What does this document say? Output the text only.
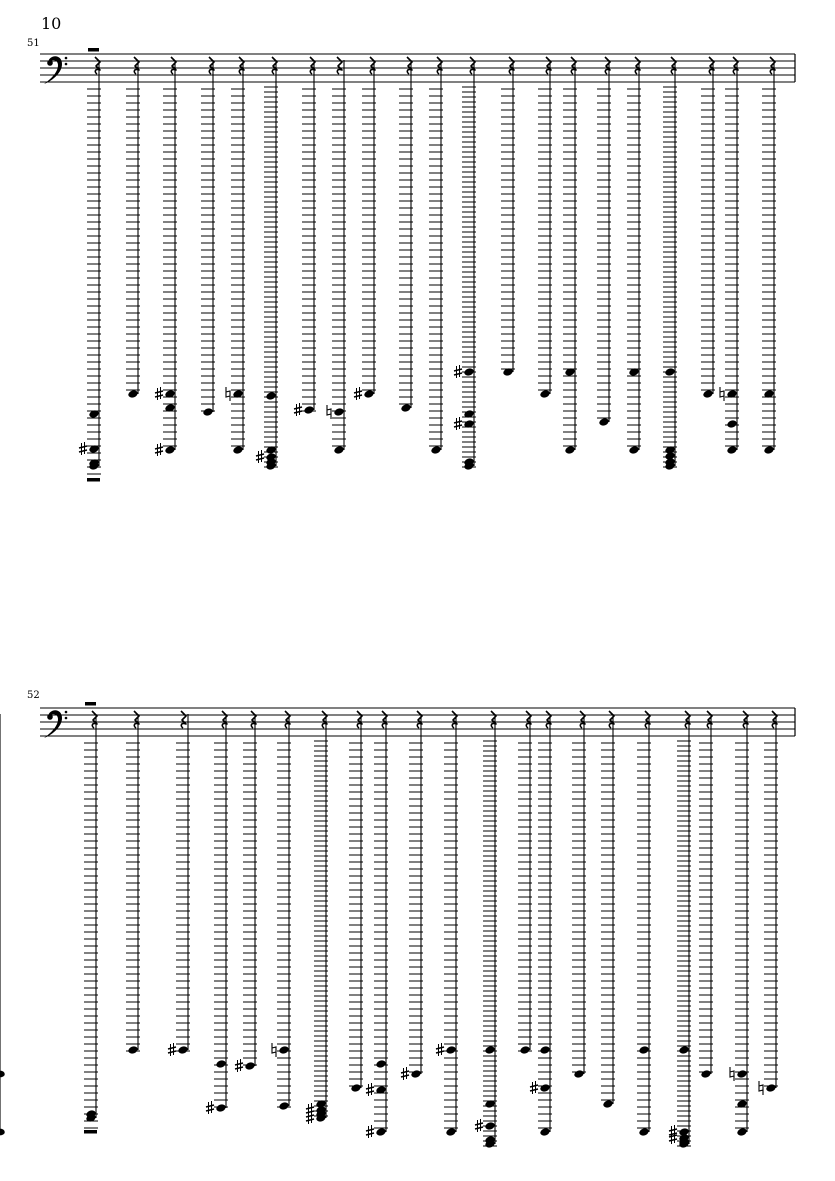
10
51
52
